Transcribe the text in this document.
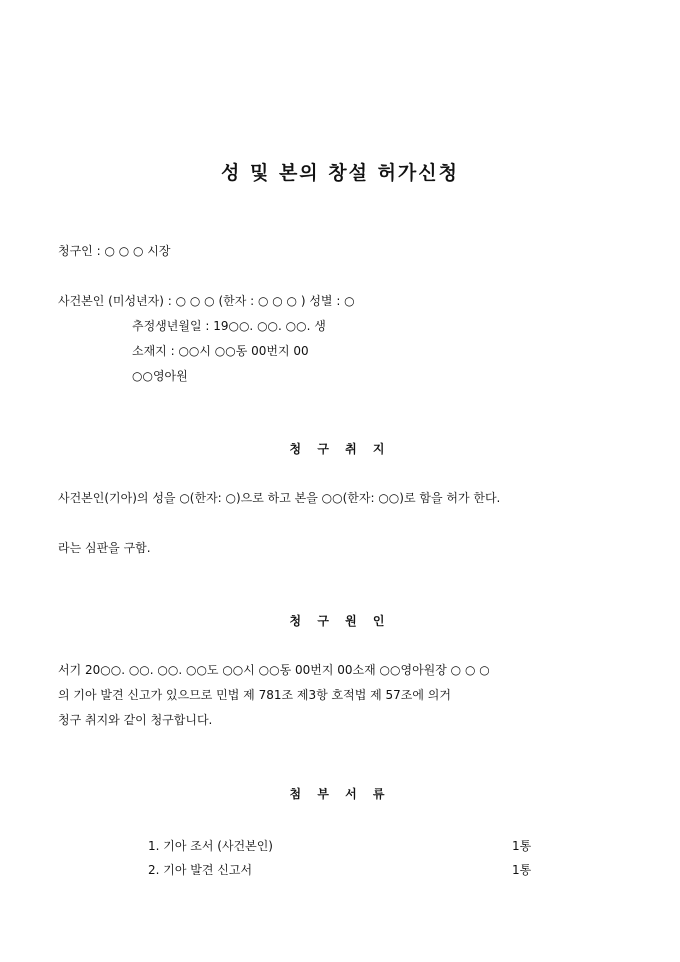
성 및 본의 창설 허가신청
청구인 : ○ ○ ○ 시장
사건본인 (미성년자) : ○ ○ ○ (한자 : ○ ○ ○ ) 성별 : ○
추정생년월일 : 19○○. ○○. ○○. 생
소재지 : ○○시 ○○동 00번지 00
○○영아원
청 구 취 지
사건본인(기아)의 성을 ○(한자: ○)으로 하고 본을 ○○(한자: ○○)로 함을 허가 한다.
라는 심판을 구함.
청 구 원 인
서기 20○○. ○○. ○○. ○○도 ○○시 ○○동 00번지 00소재 ○○영아원장 ○ ○ ○
의 기아 발견 신고가 있으므로 민법 제 781조 제3항 호적법 제 57조에 의거
청구 취지와 같이 청구합니다.
첨 부 서 류
1. 기아 조서 (사건본인)	1통
2. 기아 발견 신고서	1통
